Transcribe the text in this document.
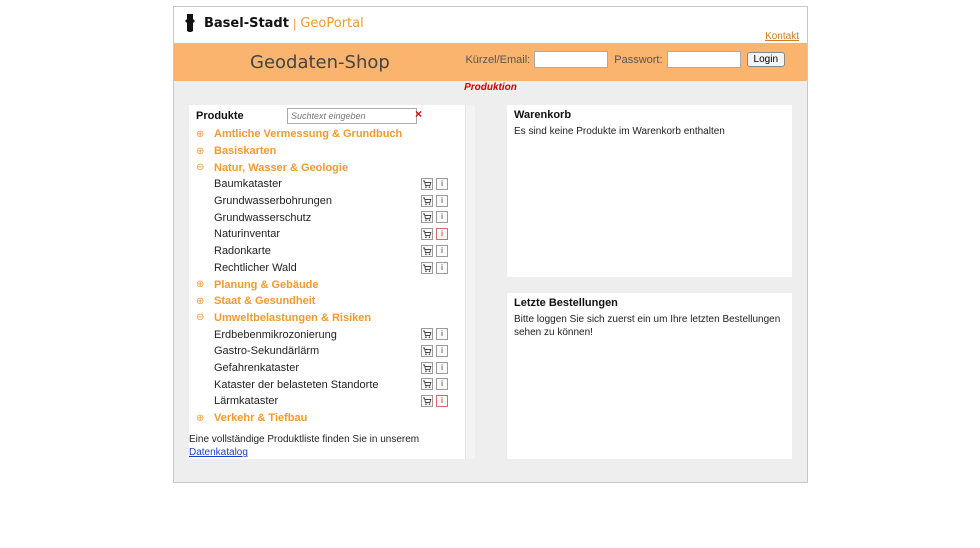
Basel-Stadt | GeoPortal
Kontakt
Geodaten-Shop	Kürzel/Email:	Passwort:	Login
Produktion
Produkte
Suchtext eingeben	×
⊕ Amtliche Vermessung & Grundbuch
⊕ Basiskarten
⊖ Natur, Wasser & Geologie
Baumkataster	i
Grundwasserbohrungen	i
Grundwasserschutz	i
Naturinventar	i
Radonkarte	i
Rechtlicher Wald	i
⊕ Planung & Gebäude
⊕ Staat & Gesundheit
⊖ Umweltbelastungen & Risiken
Erdbebenmikrozonierung	i
Gastro-Sekundärlärm	i
Gefahrenkataster	i
Kataster der belasteten Standorte	i
Lärmkataster	i
⊕ Verkehr & Tiefbau
Eine vollständige Produktliste finden Sie in unserem
Datenkatalog
Warenkorb
Es sind keine Produkte im Warenkorb enthalten
Letzte Bestellungen
Bitte loggen Sie sich zuerst ein um Ihre letzten Bestellungen sehen zu können!
